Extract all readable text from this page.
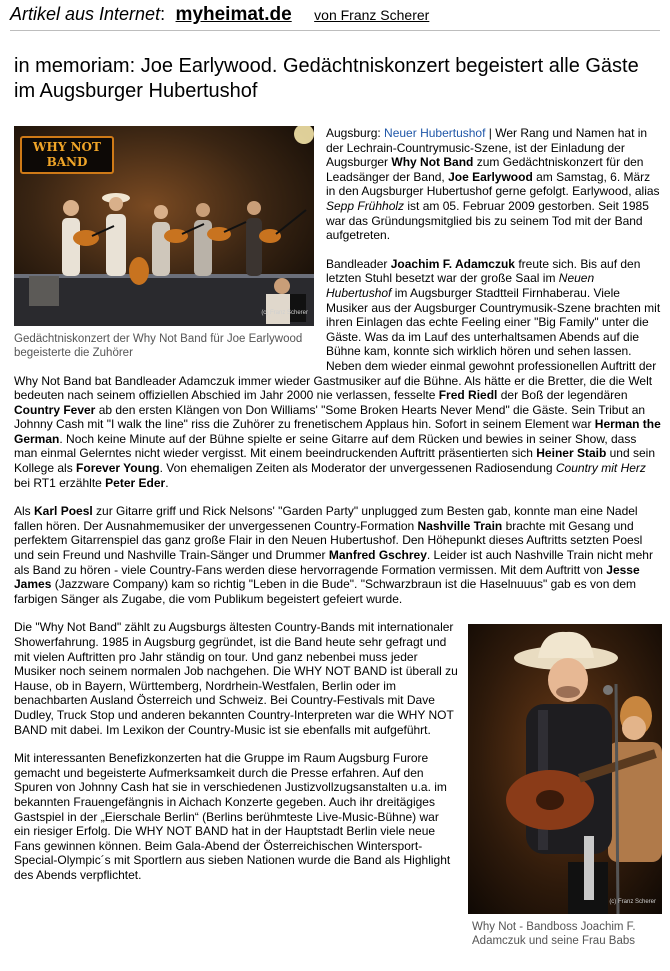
Artikel aus Internet: myheimat.de von Franz Scherer
in memoriam: Joe Earlywood. Gedächtniskonzert begeistert alle Gäste im Augsburger Hubertushof
WHY NOT BAND
(c) Franz Scherer
Gedächtniskonzert der Why Not Band für Joe Earlywood begeisterte die Zuhörer

Augsburg: Neuer Hubertushof | Wer Rang und Namen hat in der Lechrain-Countrymusic-Szene, ist der Einladung der Augsburger Why Not Band zum Gedächtniskonzert für den Leadsänger der Band, Joe Earlywood am Samstag, 6. März in den Augsburger Hubertushof gerne gefolgt. Earlywood, alias Sepp Frühholz ist am 05. Februar 2009 gestorben. Seit 1985 war das Gründungsmitglied bis zu seinem Tod mit der Band aufgetreten.

Bandleader Joachim F. Adamczuk freute sich. Bis auf den letzten Stuhl besetzt war der große Saal im Neuen Hubertushof im Augsburger Stadtteil Firnhaberau. Viele Musiker aus der Augsburger Countrymusik-Szene brachten mit ihren Einlagen das echte Feeling einer "Big Family" unter die Gäste. Was da im Lauf des unterhaltsamen Abends auf die Bühne kam, konnte sich wirklich hören und sehen lassen. Neben dem wieder einmal gewohnt professionellen Auftritt der Why Not Band bat Bandleader Adamczuk immer wieder Gastmusiker auf die Bühne. Als hätte er die Bretter, die die Welt bedeuten nach seinem offiziellen Abschied im Jahr 2000 nie verlassen, fesselte Fred Riedl der Boß der legendären Country Fever ab den ersten Klängen von Don Williams' "Some Broken Hearts Never Mend" die Gäste. Sein Tribut an Johnny Cash mit "I walk the line" riss die Zuhörer zu frenetischem Applaus hin. Sofort in seinem Element war Herman the German. Noch keine Minute auf der Bühne spielte er seine Gitarre auf dem Rücken und bewies in seiner Show, dass man einmal Gelerntes nicht wieder vergisst. Mit einem beeindruckenden Auftritt präsentierten sich Heiner Staib und sein Kollege als Forever Young. Von ehemaligen Zeiten als Moderator der unvergessenen Radiosendung Country mit Herz bei RT1 erzählte Peter Eder.

Als Karl Poesl zur Gitarre griff und Rick Nelsons' "Garden Party" unplugged zum Besten gab, konnte man eine Nadel fallen hören. Der Ausnahmemusiker der unvergessenen Country-Formation Nashville Train brachte mit Gesang und perfektem Gitarrenspiel das ganz große Flair in den Neuen Hubertushof. Den Höhepunkt dieses Auftritts setzten Poesl und sein Freund und Nashville Train-Sänger und Drummer Manfred Gschrey. Leider ist auch Nashville Train nicht mehr als Band zu hören - viele Country-Fans werden diese hervorragende Formation vermissen. Mit dem Auftritt von Jesse James (Jazzware Company) kam so richtig "Leben in die Bude". "Schwarzbraun ist die Haselnuuus" gab es von dem farbigen Sänger als Zugabe, die vom Publikum begeistert gefeiert wurde.

(c) Franz Scherer
Why Not - Bandboss Joachim F. Adamczuk und seine Frau Babs

Die "Why Not Band" zählt zu Augsburgs ältesten Country-Bands mit internationaler Showerfahrung. 1985 in Augsburg gegründet, ist die Band heute sehr gefragt und mit vielen Auftritten pro Jahr ständig on tour. Und ganz nebenbei muss jeder Musiker noch seinem normalen Job nachgehen. Die WHY NOT BAND ist überall zu Hause, ob in Bayern, Württemberg, Nordrhein-Westfalen, Berlin oder im benachbarten Ausland Österreich und Schweiz. Bei Country-Festivals mit Dave Dudley, Truck Stop und anderen bekannten Country-Interpreten war die WHY NOT BAND mit dabei. Im Lexikon der Country-Music ist sie ebenfalls mit aufgeführt.

Mit interessanten Benefizkonzerten hat die Gruppe im Raum Augsburg Furore gemacht und begeisterte Aufmerksamkeit durch die Presse erfahren. Auf den Spuren von Johnny Cash hat sie in verschiedenen Justizvollzugsanstalten u.a. im bekannten Frauengefängnis in Aichach Konzerte gegeben. Auch ihr dreitägiges Gastspiel in der „Eierschale Berlin“ (Berlins berühmteste Live-Music-Bühne) war ein riesiger Erfolg. Die WHY NOT BAND hat in der Hauptstadt Berlin viele neue Fans gewinnen können. Beim Gala-Abend der Österreichischen Wintersport-Special-Olympic´s mit Sportlern aus sieben Nationen wurde die Band als Highlight des Abends verpflichtet.
